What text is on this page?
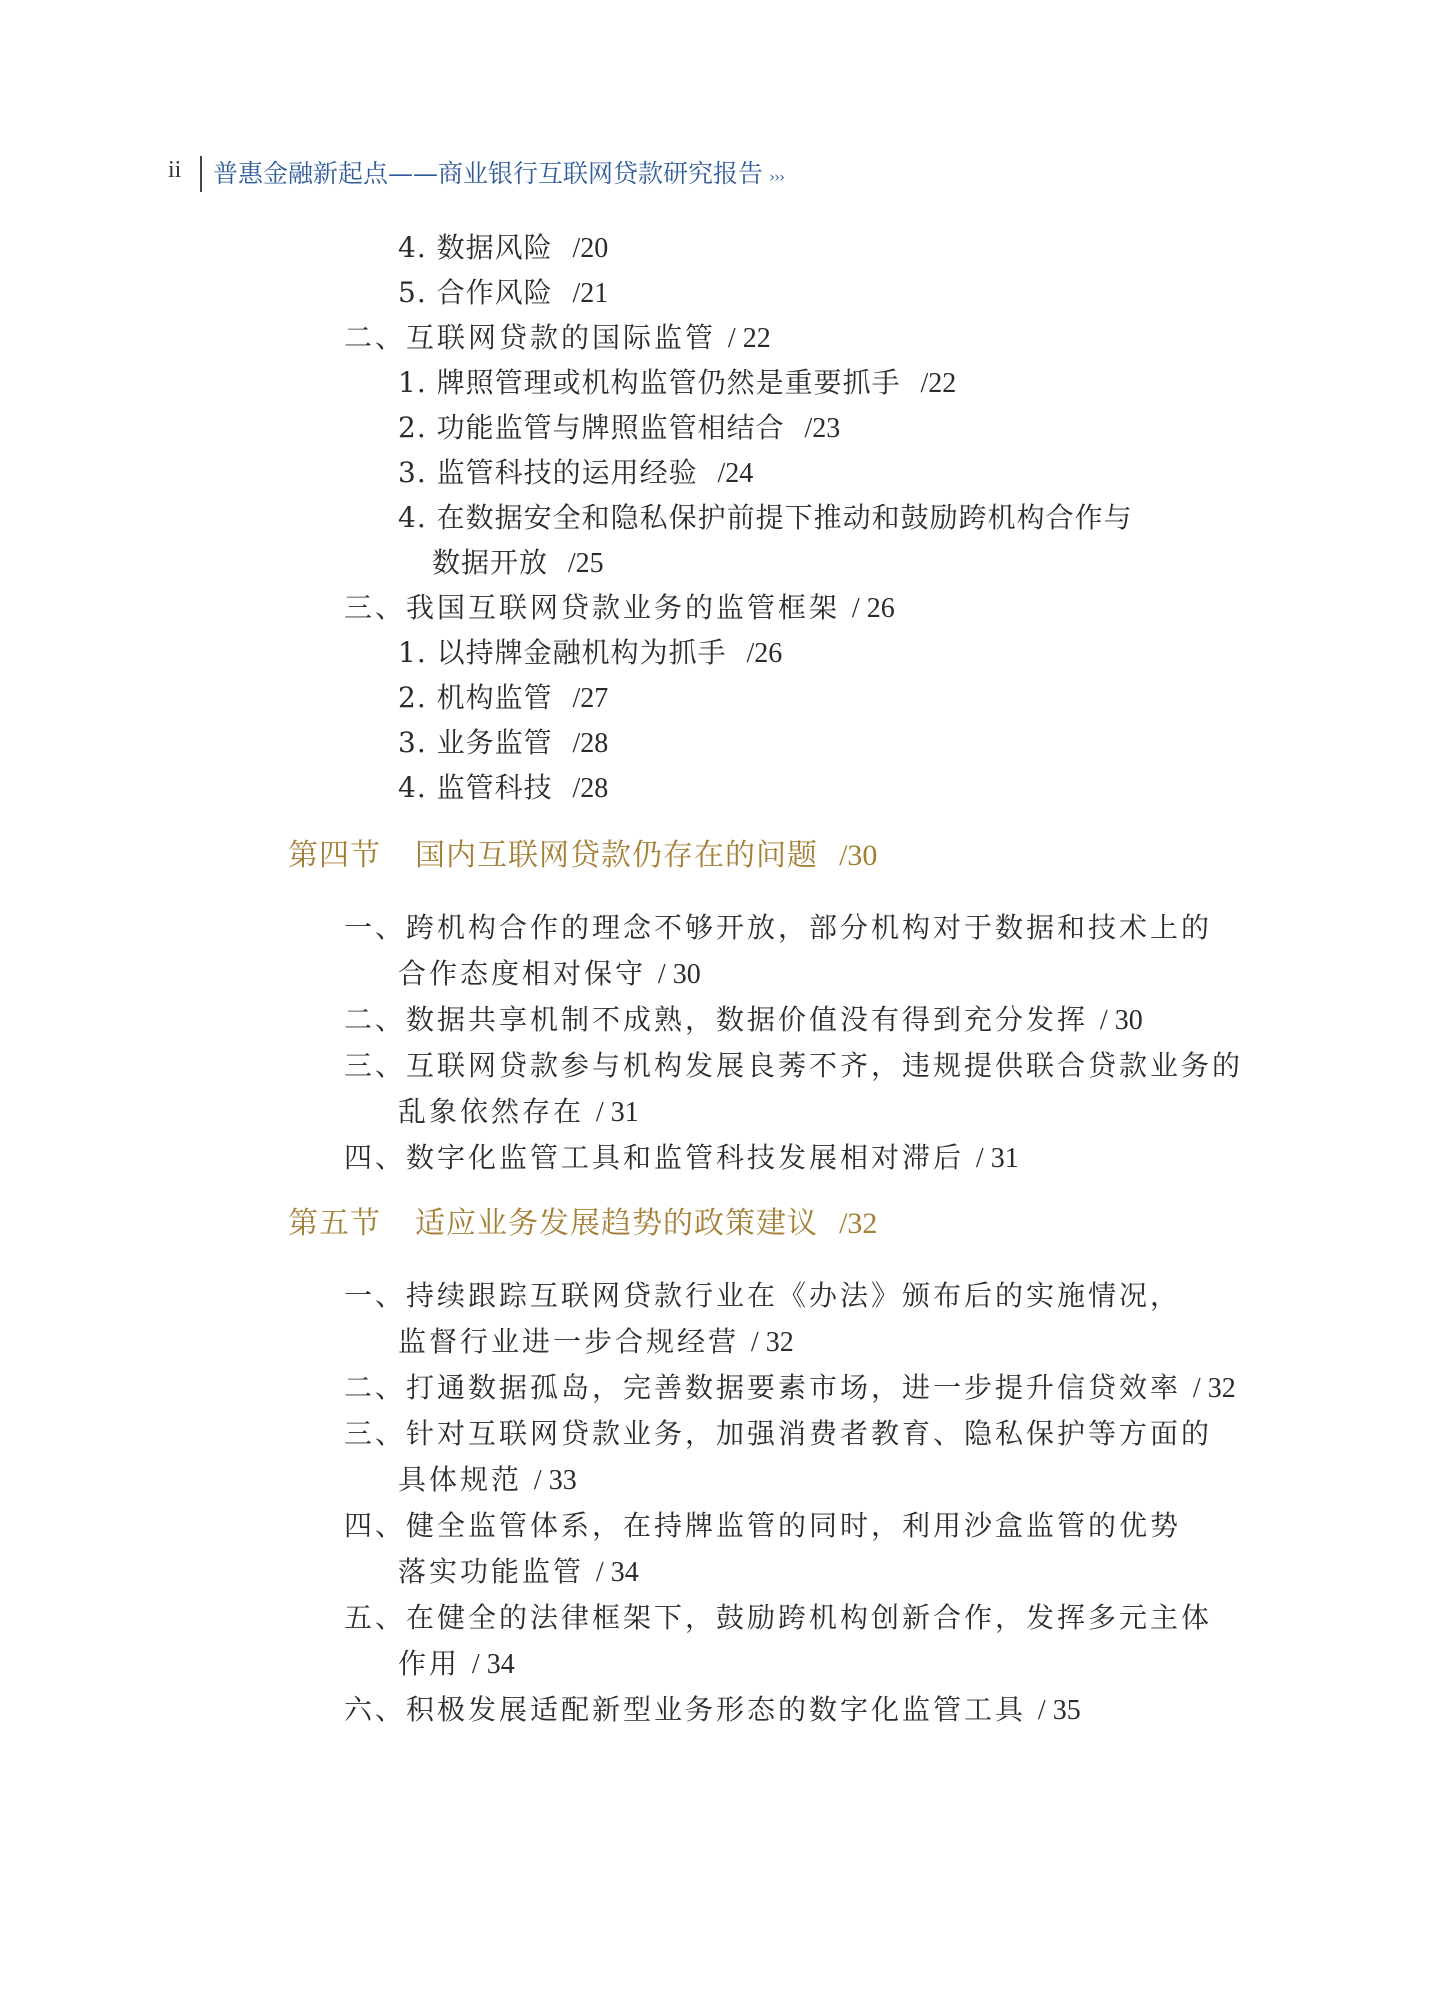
ii	普惠金融新起点——商业银行互联网贷款研究报告 ›››
4. 数据风险 /20
5. 合作风险 /21
二、互联网贷款的国际监管 / 22
1. 牌照管理或机构监管仍然是重要抓手 /22
2. 功能监管与牌照监管相结合 /23
3. 监管科技的运用经验 /24
4. 在数据安全和隐私保护前提下推动和鼓励跨机构合作与
数据开放 /25
三、我国互联网贷款业务的监管框架 / 26
1. 以持牌金融机构为抓手 /26
2. 机构监管 /27
3. 业务监管 /28
4. 监管科技 /28
第四节 国内互联网贷款仍存在的问题 /30
一、跨机构合作的理念不够开放，部分机构对于数据和技术上的
合作态度相对保守 / 30
二、数据共享机制不成熟，数据价值没有得到充分发挥 / 30
三、互联网贷款参与机构发展良莠不齐，违规提供联合贷款业务的
乱象依然存在 / 31
四、数字化监管工具和监管科技发展相对滞后 / 31
第五节 适应业务发展趋势的政策建议 /32
一、持续跟踪互联网贷款行业在《办法》颁布后的实施情况，
监督行业进一步合规经营 / 32
二、打通数据孤岛，完善数据要素市场，进一步提升信贷效率 / 32
三、针对互联网贷款业务，加强消费者教育、隐私保护等方面的
具体规范 / 33
四、健全监管体系，在持牌监管的同时，利用沙盒监管的优势
落实功能监管 / 34
五、在健全的法律框架下，鼓励跨机构创新合作，发挥多元主体
作用 / 34
六、积极发展适配新型业务形态的数字化监管工具 / 35
